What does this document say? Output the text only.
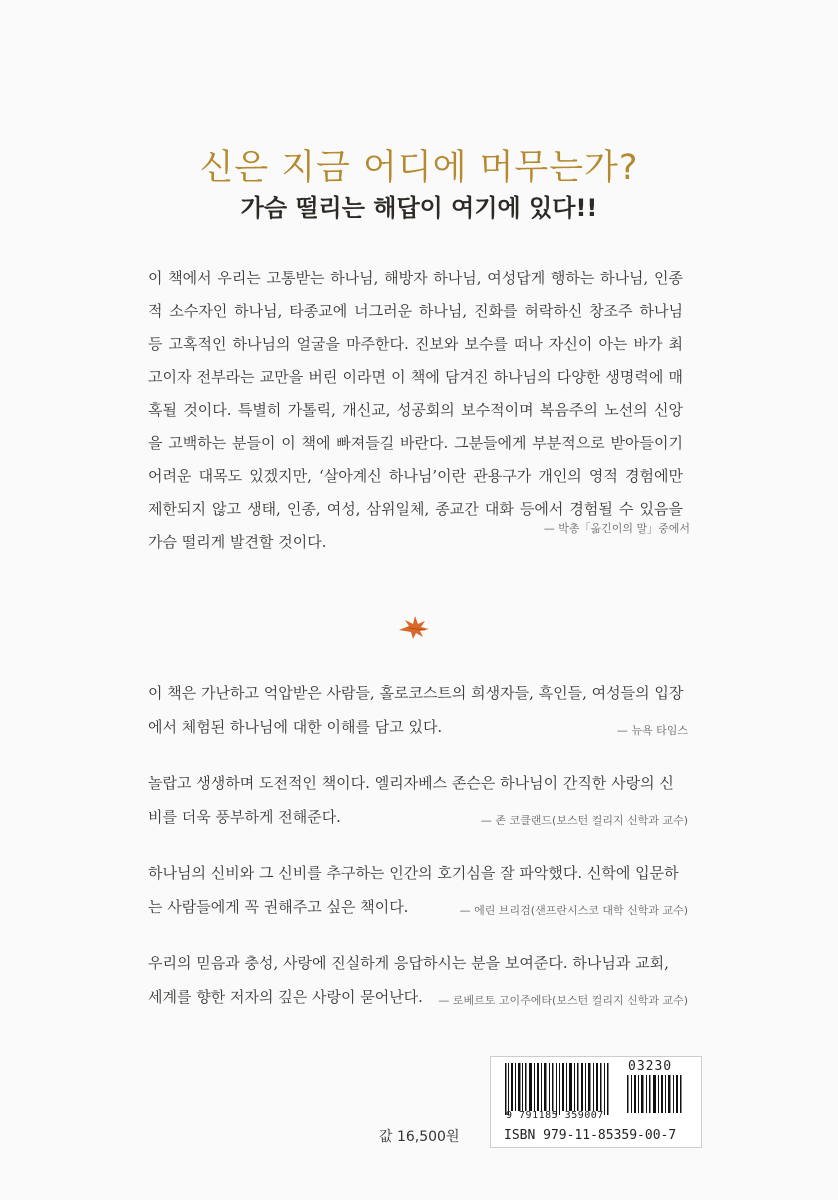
신은 지금 어디에 머무는가?
가슴 떨리는 해답이 여기에 있다!!

이 책에서 우리는 고통받는 하나님, 해방자 하나님, 여성답게 행하는 하나님, 인종적 소수자인 하나님, 타종교에 너그러운 하나님, 진화를 허락하신 창조주 하나님 등 고혹적인 하나님의 얼굴을 마주한다. 진보와 보수를 떠나 자신이 아는 바가 최고이자 전부라는 교만을 버린 이라면 이 책에 담겨진 하나님의 다양한 생명력에 매혹될 것이다. 특별히 가톨릭, 개신교, 성공회의 보수적이며 복음주의 노선의 신앙을 고백하는 분들이 이 책에 빠져들길 바란다. 그분들에게 부분적으로 받아들이기 어려운 대목도 있겠지만, ‘살아계신 하나님’이란 관용구가 개인의 영적 경험에만 제한되지 않고 생태, 인종, 여성, 삼위일체, 종교간 대화 등에서 경험될 수 있음을 가슴 떨리게 발견할 것이다.

— 박총「옮긴이의 말」중에서

이 책은 가난하고 억압받은 사람들, 홀로코스트의 희생자들, 흑인들, 여성들의 입장에서 체험된 하나님에 대한 이해를 담고 있다.	— 뉴욕 타임스

놀랍고 생생하며 도전적인 책이다. 엘리자베스 존슨은 하나님이 간직한 사랑의 신비를 더욱 풍부하게 전해준다.	— 존 코클랜드(보스턴 컬리지 신학과 교수)

하나님의 신비와 그 신비를 추구하는 인간의 호기심을 잘 파악했다. 신학에 입문하는 사람들에게 꼭 권해주고 싶은 책이다.	— 에린 브리검(샌프란시스코 대학 신학과 교수)

우리의 믿음과 충성, 사랑에 진실하게 응답하시는 분을 보여준다. 하나님과 교회, 세계를 향한 저자의 깊은 사랑이 묻어난다. — 로베르토 고이주에타(보스턴 컬리지 신학과 교수)

값 16,500원
03230
9 791185 359007
ISBN 979-11-85359-00-7
